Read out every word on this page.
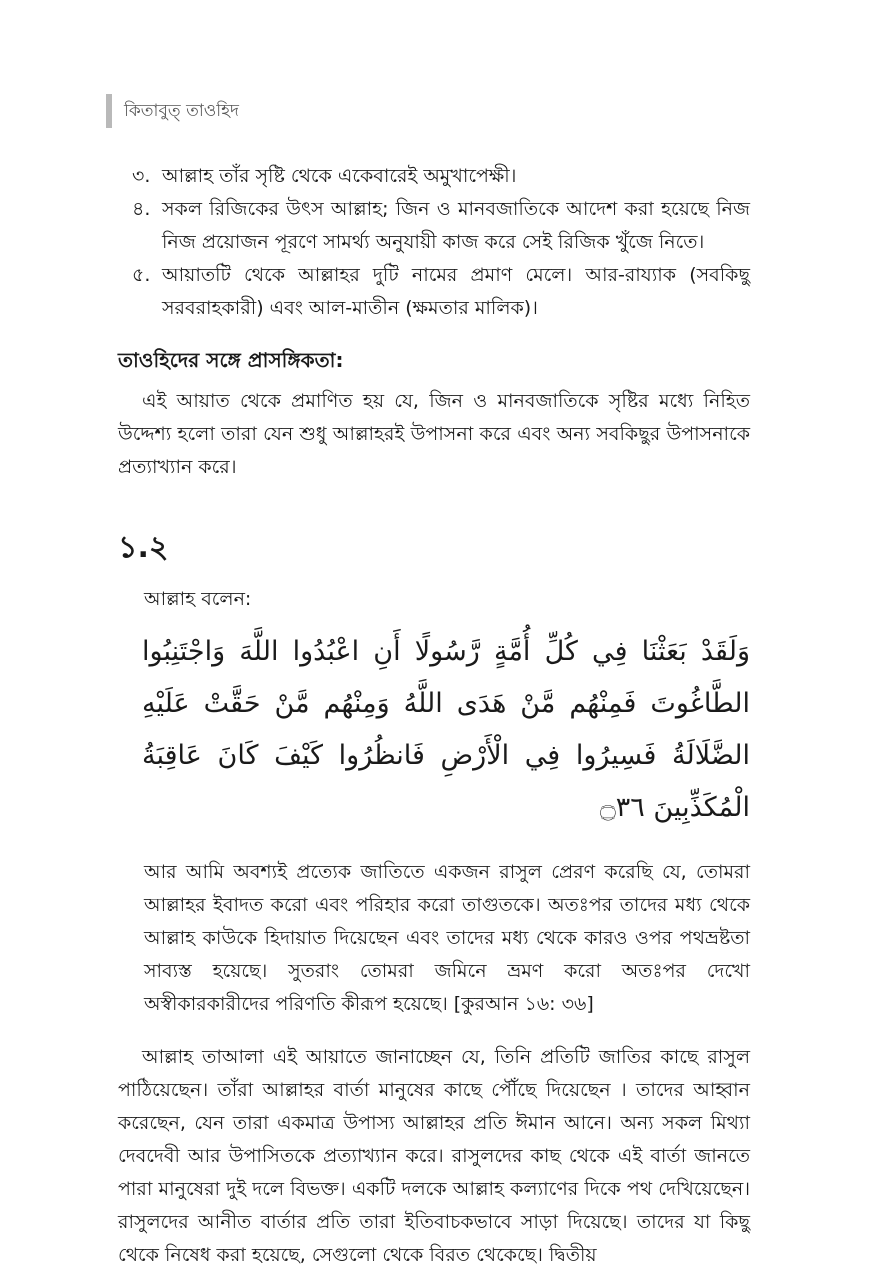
কিতাবুত্ তাওহিদ
৩. আল্লাহ তাঁর সৃষ্টি থেকে একেবারেই অমুখাপেক্ষী।
৪. সকল রিজিকের উৎস আল্লাহ; জিন ও মানবজাতিকে আদেশ করা হয়েছে নিজ নিজ প্রয়োজন পূরণে সামর্থ্য অনুযায়ী কাজ করে সেই রিজিক খুঁজে নিতে।
৫. আয়াতটি থেকে আল্লাহর দুটি নামের প্রমাণ মেলে। আর-রায্যাক (সবকিছু সরবরাহকারী) এবং আল-মাতীন (ক্ষমতার মালিক)।
তাওহিদের সঙ্গে প্রাসঙ্গিকতা:

এই আয়াত থেকে প্রমাণিত হয় যে, জিন ও মানবজাতিকে সৃষ্টির মধ্যে নিহিত উদ্দেশ্য হলো তারা যেন শুধু আল্লাহরই উপাসনা করে এবং অন্য সবকিছুর উপাসনাকে প্রত্যাখ্যান করে।

১.২
আল্লাহ বলেন:
وَلَقَدْ بَعَثْنَا فِي كُلِّ أُمَّةٍ رَّسُولًا أَنِ اعْبُدُوا اللَّهَ وَاجْتَنِبُوا الطَّاغُوتَ فَمِنْهُم مَّنْ هَدَى اللَّهُ وَمِنْهُم مَّنْ حَقَّتْ عَلَيْهِ الضَّلَالَةُ فَسِيرُوا فِي الْأَرْضِ فَانظُرُوا كَيْفَ كَانَ عَاقِبَةُ الْمُكَذِّبِينَ ۝٣٦

আর আমি অবশ্যই প্রত্যেক জাতিতে একজন রাসুল প্রেরণ করেছি যে, তোমরা আল্লাহর ইবাদত করো এবং পরিহার করো তাগুতকে। অতঃপর তাদের মধ্য থেকে আল্লাহ কাউকে হিদায়াত দিয়েছেন এবং তাদের মধ্য থেকে কারও ওপর পথভ্রষ্টতা সাব্যস্ত হয়েছে। সুতরাং তোমরা জমিনে ভ্রমণ করো অতঃপর দেখো অস্বীকারকারীদের পরিণতি কীরূপ হয়েছে। [কুরআন ১৬: ৩৬]

আল্লাহ তাআলা এই আয়াতে জানাচ্ছেন যে, তিনি প্রতিটি জাতির কাছে রাসুল পাঠিয়েছেন। তাঁরা আল্লাহর বার্তা মানুষের কাছে পৌঁছে দিয়েছেন । তাদের আহ্বান করেছেন, যেন তারা একমাত্র উপাস্য আল্লাহর প্রতি ঈমান আনে। অন্য সকল মিথ্যা দেবদেবী আর উপাসিতকে প্রত্যাখ্যান করে। রাসুলদের কাছ থেকে এই বার্তা জানতে পারা মানুষেরা দুই দলে বিভক্ত। একটি দলকে আল্লাহ কল্যাণের দিকে পথ দেখিয়েছেন। রাসুলদের আনীত বার্তার প্রতি তারা ইতিবাচকভাবে সাড়া দিয়েছে। তাদের যা কিছু থেকে নিষেধ করা হয়েছে, সেগুলো থেকে বিরত থেকেছে। দ্বিতীয়
